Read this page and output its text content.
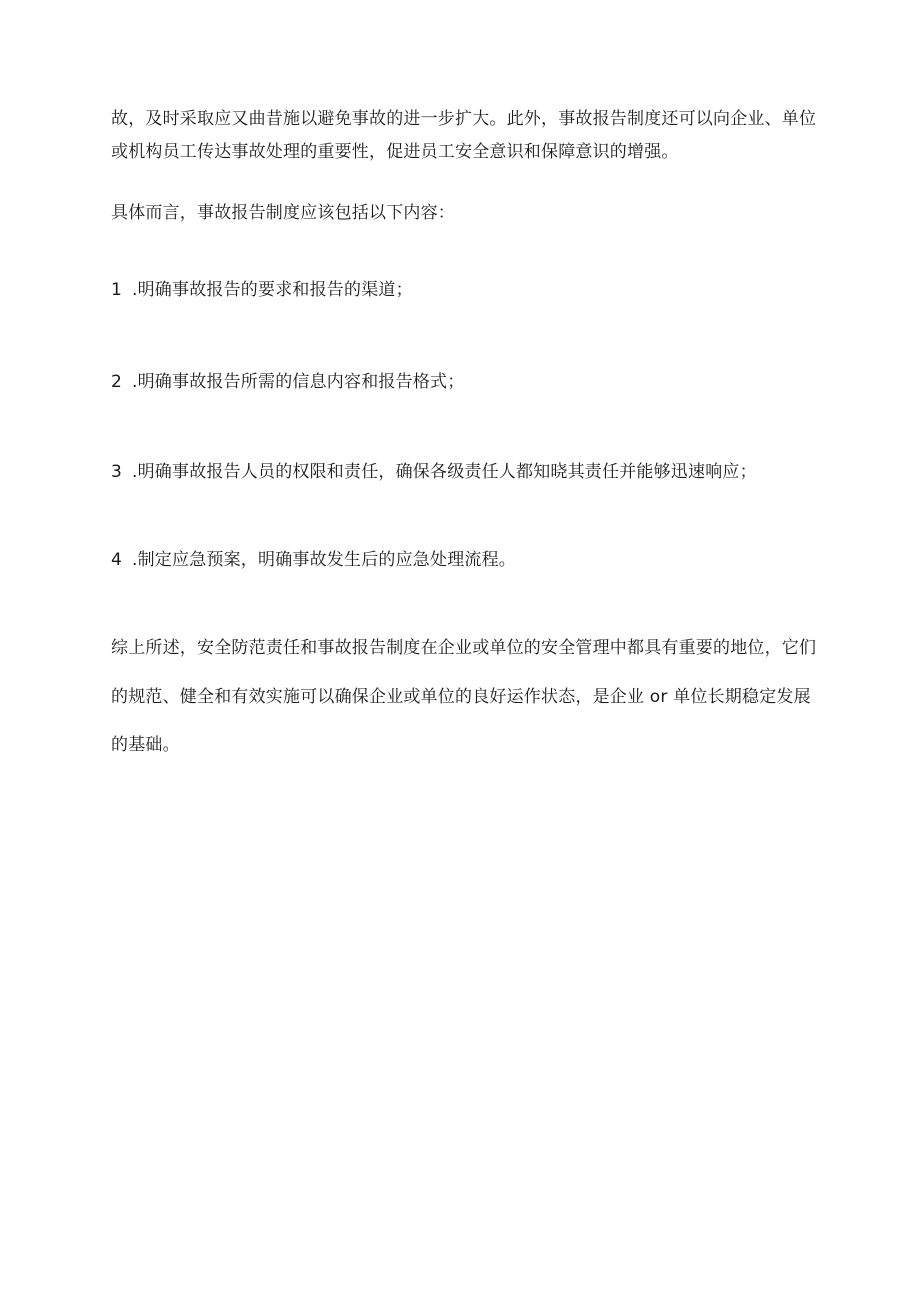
故，及时采取应又曲昔施以避免事故的进一步扩大。此外，事故报告制度还可以向企业、单位
或机构员工传达事故处理的重要性，促进员工安全意识和保障意识的增强。
具体而言，事故报告制度应该包括以下内容：
1 .明确事故报告的要求和报告的渠道；
2 .明确事故报告所需的信息内容和报告格式；
3 .明确事故报告人员的权限和责任，确保各级责任人都知晓其责任并能够迅速响应；
4 .制定应急预案，明确事故发生后的应急处理流程。
综上所述，安全防范责任和事故报告制度在企业或单位的安全管理中都具有重要的地位，它们
的规范、健全和有效实施可以确保企业或单位的良好运作状态，是企业 or 单位长期稳定发展
的基础。
